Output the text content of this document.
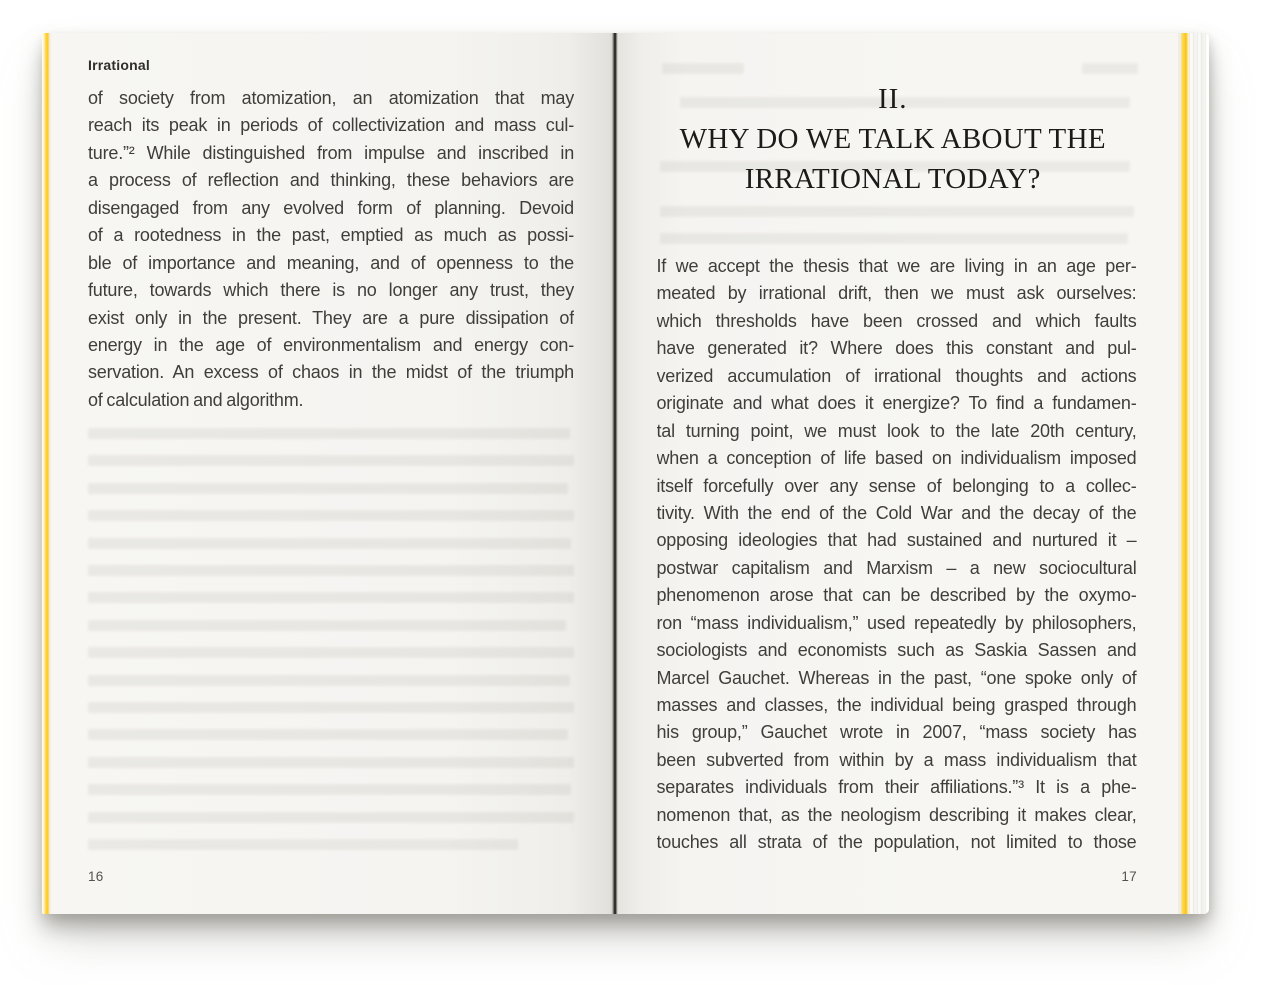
Irrational
of society from atomization, an atomization that may
reach its peak in periods of collectivization and mass cul-
ture.”² While distinguished from impulse and inscribed in
a process of reflection and thinking, these behaviors are
disengaged from any evolved form of planning. Devoid
of a rootedness in the past, emptied as much as possi-
ble of importance and meaning, and of openness to the
future, towards which there is no longer any trust, they
exist only in the present. They are a pure dissipation of
energy in the age of environmentalism and energy con-
servation. An excess of chaos in the midst of the triumph
of calculation and algorithm.
16
II.
WHY DO WE TALK ABOUT THE
IRRATIONAL TODAY?
If we accept the thesis that we are living in an age per-
meated by irrational drift, then we must ask ourselves:
which thresholds have been crossed and which faults
have generated it? Where does this constant and pul-
verized accumulation of irrational thoughts and actions
originate and what does it energize? To find a fundamen-
tal turning point, we must look to the late 20th century,
when a conception of life based on individualism imposed
itself forcefully over any sense of belonging to a collec-
tivity. With the end of the Cold War and the decay of the
opposing ideologies that had sustained and nurtured it –
postwar capitalism and Marxism – a new sociocultural
phenomenon arose that can be described by the oxymo-
ron “mass individualism,” used repeatedly by philosophers,
sociologists and economists such as Saskia Sassen and
Marcel Gauchet. Whereas in the past, “one spoke only of
masses and classes, the individual being grasped through
his group,” Gauchet wrote in 2007, “mass society has
been subverted from within by a mass individualism that
separates individuals from their affiliations.”³ It is a phe-
nomenon that, as the neologism describing it makes clear,
touches all strata of the population, not limited to those
17
